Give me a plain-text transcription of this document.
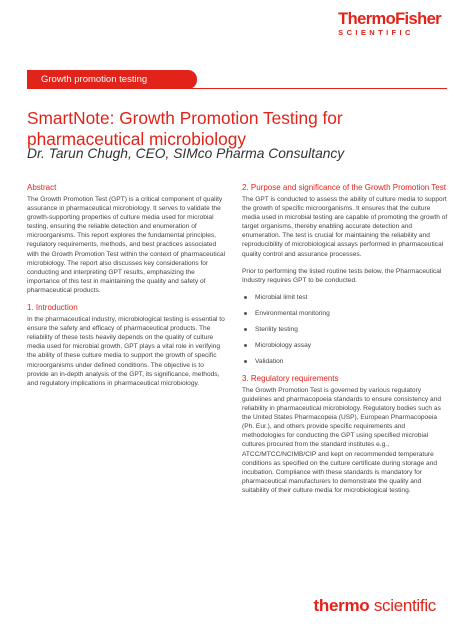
ThermoFisher
SCIENTIFIC
Growth promotion testing
SmartNote: Growth Promotion Testing for pharmaceutical microbiology
Dr. Tarun Chugh, CEO, SIMco Pharma Consultancy
Abstract
The Growth Promotion Test (GPT) is a critical component of quality assurance in pharmaceutical microbiology. It serves to validate the growth-supporting properties of culture media used for microbial testing, ensuring the reliable detection and enumeration of microorganisms. This report explores the fundamental principles, regulatory requirements, methods, and best practices associated with the Growth Promotion Test within the context of pharmaceutical microbiology. The report also discusses key considerations for conducting and interpreting GPT results, emphasizing the importance of this test in maintaining the quality and safety of pharmaceutical products.
1. Introduction
In the pharmaceutical industry, microbiological testing is essential to ensure the safety and efficacy of pharmaceutical products. The reliability of these tests heavily depends on the quality of culture media used for microbial growth. GPT plays a vital role in verifying the ability of these culture media to support the growth of specific microorganisms under defined conditions. The objective is to provide an in-depth analysis of the GPT, its significance, methods, and regulatory implications in pharmaceutical microbiology.
2. Purpose and significance of the Growth Promotion Test
The GPT is conducted to assess the ability of culture media to support the growth of specific microorganisms. It ensures that the culture media used in microbial testing are capable of promoting the growth of target organisms, thereby enabling accurate detection and enumeration. The test is crucial for maintaining the reliability and reproducibility of microbiological assays performed in pharmaceutical quality control and assurance processes.
Prior to performing the listed routine tests below, the Pharmaceutical Industry requires GPT to be conducted.
Microbial limit test
Environmental monitoring
Sterility testing
Microbiology assay
Validation
3. Regulatory requirements
The Growth Promotion Test is governed by various regulatory guidelines and pharmacopoeia standards to ensure consistency and reliability in pharmaceutical microbiology. Regulatory bodies such as the United States Pharmacopeia (USP), European Pharmacopoeia (Ph. Eur.), and others provide specific requirements and methodologies for conducting the GPT using specified microbial cultures procured from the standard institutes e.g., ATCC/MTCC/NCIMB/CIP and kept on recommended temperature conditions as specified on the culture certificate during storage and incubation. Compliance with these standards is mandatory for pharmaceutical manufacturers to demonstrate the quality and suitability of their culture media for microbiological testing.
thermo scientific
